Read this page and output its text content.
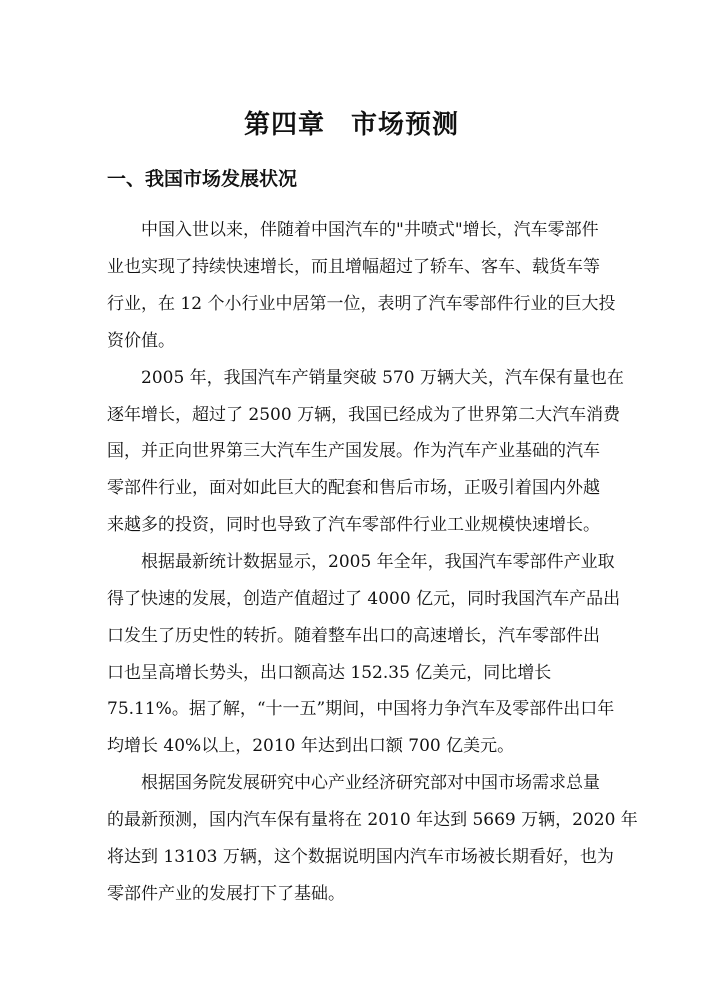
第四章 市场预测
一、我国市场发展状况
中国入世以来，伴随着中国汽车的"井喷式"增长，汽车零部件
业也实现了持续快速增长，而且增幅超过了轿车、客车、载货车等
行业，在 12 个小行业中居第一位，表明了汽车零部件行业的巨大投
资价值。
2005 年，我国汽车产销量突破 570 万辆大关，汽车保有量也在
逐年增长，超过了 2500 万辆，我国已经成为了世界第二大汽车消费
国，并正向世界第三大汽车生产国发展。作为汽车产业基础的汽车
零部件行业，面对如此巨大的配套和售后市场，正吸引着国内外越
来越多的投资，同时也导致了汽车零部件行业工业规模快速增长。
根据最新统计数据显示，2005 年全年，我国汽车零部件产业取
得了快速的发展，创造产值超过了 4000 亿元，同时我国汽车产品出
口发生了历史性的转折。随着整车出口的高速增长，汽车零部件出
口也呈高增长势头，出口额高达 152.35 亿美元，同比增长
75.11%。据了解，“十一五”期间，中国将力争汽车及零部件出口年
均增长 40%以上，2010 年达到出口额 700 亿美元。
根据国务院发展研究中心产业经济研究部对中国市场需求总量
的最新预测，国内汽车保有量将在 2010 年达到 5669 万辆，2020 年
将达到 13103 万辆，这个数据说明国内汽车市场被长期看好，也为
零部件产业的发展打下了基础。
